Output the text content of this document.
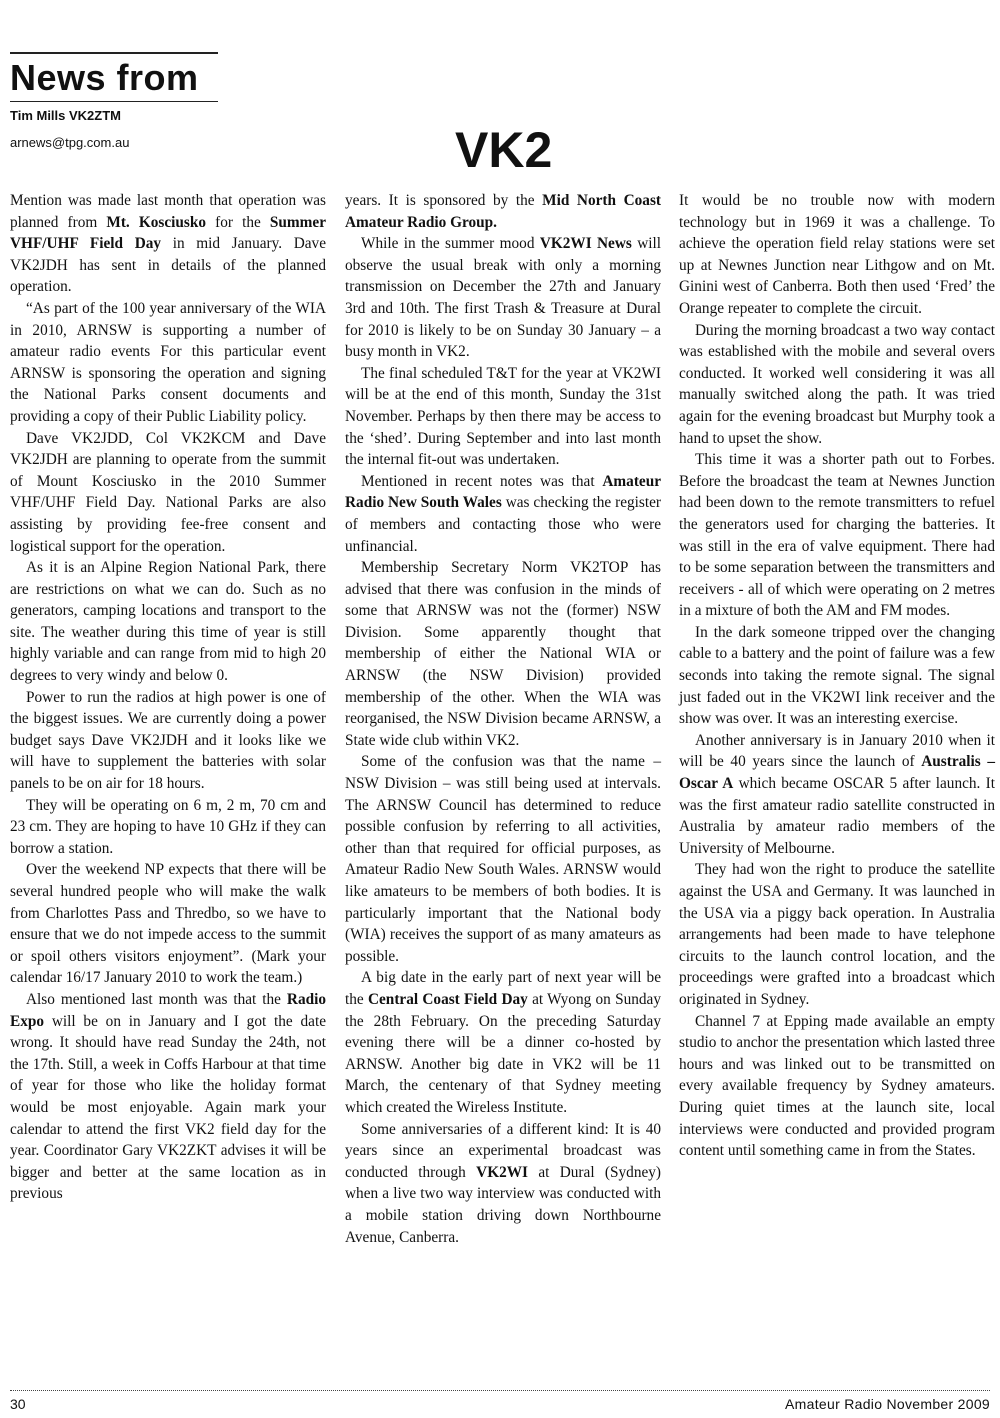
News from
Tim Mills VK2ZTM
arnews@tpg.com.au	VK2

Mention was made last month that operation was planned from Mt. Kosciusko for the Summer VHF/UHF Field Day in mid January. Dave VK2JDH has sent in details of the planned operation.

“As part of the 100 year anniversary of the WIA in 2010, ARNSW is supporting a number of amateur radio events For this particular event ARNSW is sponsoring the operation and signing the National Parks consent documents and providing a copy of their Public Liability policy.

Dave VK2JDD, Col VK2KCM and Dave VK2JDH are planning to operate from the summit of Mount Kosciusko in the 2010 Summer VHF/UHF Field Day. National Parks are also assisting by providing fee-free consent and logistical support for the operation.

As it is an Alpine Region National Park, there are restrictions on what we can do. Such as no generators, camping locations and transport to the site. The weather during this time of year is still highly variable and can range from mid to high 20 degrees to very windy and below 0.

Power to run the radios at high power is one of the biggest issues. We are currently doing a power budget says Dave VK2JDH and it looks like we will have to supplement the batteries with solar panels to be on air for 18 hours.

They will be operating on 6 m, 2 m, 70 cm and 23 cm. They are hoping to have 10 GHz if they can borrow a station.

Over the weekend NP expects that there will be several hundred people who will make the walk from Charlottes Pass and Thredbo, so we have to ensure that we do not impede access to the summit or spoil others visitors enjoyment”. (Mark your calendar 16/17 January 2010 to work the team.)

Also mentioned last month was that the Radio Expo will be on in January and I got the date wrong. It should have read Sunday the 24th, not the 17th. Still, a week in Coffs Harbour at that time of year for those who like the holiday format would be most enjoyable. Again mark your calendar to attend the first VK2 field day for the year. Coordinator Gary VK2ZKT advises it will be bigger and better at the same location as in previous

years. It is sponsored by the Mid North Coast Amateur Radio Group.

While in the summer mood VK2WI News will observe the usual break with only a morning transmission on December the 27th and January 3rd and 10th. The first Trash & Treasure at Dural for 2010 is likely to be on Sunday 30 January – a busy month in VK2.

The final scheduled T&T for the year at VK2WI will be at the end of this month, Sunday the 31st November. Perhaps by then there may be access to the ‘shed’. During September and into last month the internal fit-out was undertaken.

Mentioned in recent notes was that Amateur Radio New South Wales was checking the register of members and contacting those who were unfinancial.

Membership Secretary Norm VK2TOP has advised that there was confusion in the minds of some that ARNSW was not the (former) NSW Division. Some apparently thought that membership of either the National WIA or ARNSW (the NSW Division) provided membership of the other. When the WIA was reorganised, the NSW Division became ARNSW, a State wide club within VK2.

Some of the confusion was that the name – NSW Division – was still being used at intervals. The ARNSW Council has determined to reduce possible confusion by referring to all activities, other than that required for official purposes, as Amateur Radio New South Wales. ARNSW would like amateurs to be members of both bodies. It is particularly important that the National body (WIA) receives the support of as many amateurs as possible.

A big date in the early part of next year will be the Central Coast Field Day at Wyong on Sunday the 28th February. On the preceding Saturday evening there will be a dinner co-hosted by ARNSW. Another big date in VK2 will be 11 March, the centenary of that Sydney meeting which created the Wireless Institute.

Some anniversaries of a different kind: It is 40 years since an experimental broadcast was conducted through VK2WI at Dural (Sydney) when a live two way interview was conducted with a mobile station driving down Northbourne Avenue, Canberra.

It would be no trouble now with modern technology but in 1969 it was a challenge. To achieve the operation field relay stations were set up at Newnes Junction near Lithgow and on Mt. Ginini west of Canberra. Both then used ‘Fred’ the Orange repeater to complete the circuit.

During the morning broadcast a two way contact was established with the mobile and several overs conducted. It worked well considering it was all manually switched along the path. It was tried again for the evening broadcast but Murphy took a hand to upset the show.

This time it was a shorter path out to Forbes. Before the broadcast the team at Newnes Junction had been down to the remote transmitters to refuel the generators used for charging the batteries. It was still in the era of valve equipment. There had to be some separation between the transmitters and receivers - all of which were operating on 2 metres in a mixture of both the AM and FM modes.

In the dark someone tripped over the changing cable to a battery and the point of failure was a few seconds into taking the remote signal. The signal just faded out in the VK2WI link receiver and the show was over. It was an interesting exercise.

Another anniversary is in January 2010 when it will be 40 years since the launch of Australis – Oscar A which became OSCAR 5 after launch. It was the first amateur radio satellite constructed in Australia by amateur radio members of the University of Melbourne.

They had won the right to produce the satellite against the USA and Germany. It was launched in the USA via a piggy back operation. In Australia arrangements had been made to have telephone circuits to the launch control location, and the proceedings were grafted into a broadcast which originated in Sydney.

Channel 7 at Epping made available an empty studio to anchor the presentation which lasted three hours and was linked out to be transmitted on every available frequency by Sydney amateurs. During quiet times at the launch site, local interviews were conducted and provided program content until something came in from the States.

30	Amateur Radio November 2009
